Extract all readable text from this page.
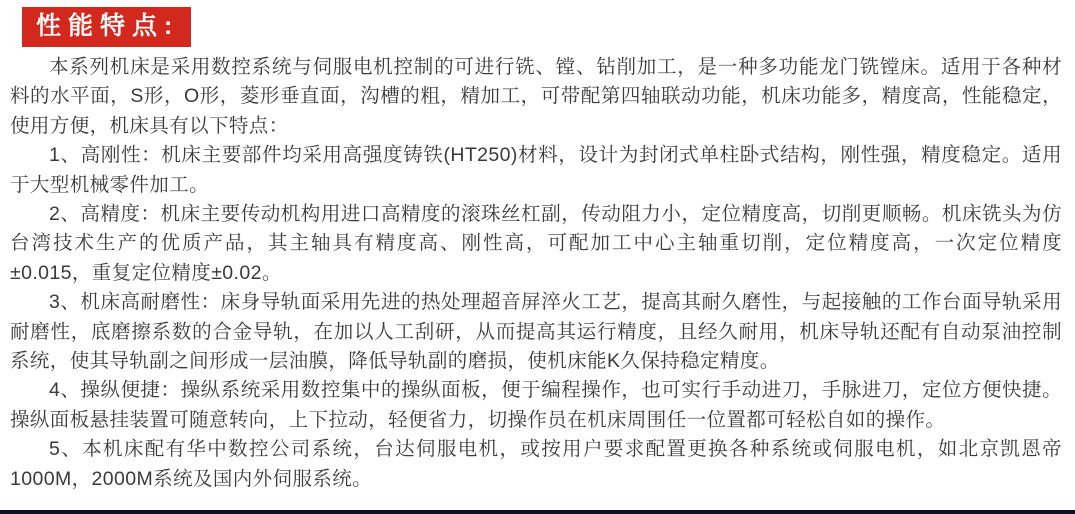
性能特点:

本系列机床是采用数控系统与伺服电机控制的可进行铣、镗、钻削加工，是一种多功能龙门铣镗床。适用于各种材料的水平面，S形，O形，菱形垂直面，沟槽的粗，精加工，可带配第四轴联动功能，机床功能多，精度高，性能稳定，使用方便，机床具有以下特点：

1、高刚性：机床主要部件均采用高强度铸铁(HT250)材料，设计为封闭式单柱卧式结构，刚性强，精度稳定。适用于大型机械零件加工。

2、高精度：机床主要传动机构用进口高精度的滚珠丝杠副，传动阻力小，定位精度高，切削更顺畅。机床铣头为仿台湾技术生产的优质产品，其主轴具有精度高、刚性高，可配加工中心主轴重切削，定位精度高，一次定位精度±0.015，重复定位精度±0.02。

3、机床高耐磨性：床身导轨面采用先进的热处理超音屏淬火工艺，提高其耐久磨性，与起接触的工作台面导轨采用耐磨性，底磨擦系数的合金导轨，在加以人工刮研，从而提高其运行精度，且经久耐用，机床导轨还配有自动泵油控制系统，使其导轨副之间形成一层油膜，降低导轨副的磨损，使机床能K久保持稳定精度。

4、操纵便捷：操纵系统采用数控集中的操纵面板，便于编程操作，也可实行手动进刀，手脉进刀，定位方便快捷。操纵面板悬挂装置可随意转向，上下拉动，轻便省力，切操作员在机床周围任一位置都可轻松自如的操作。

5、本机床配有华中数控公司系统，台达伺服电机，或按用户要求配置更换各种系统或伺服电机，如北京凯恩帝1000M，2000M系统及国内外伺服系统。
